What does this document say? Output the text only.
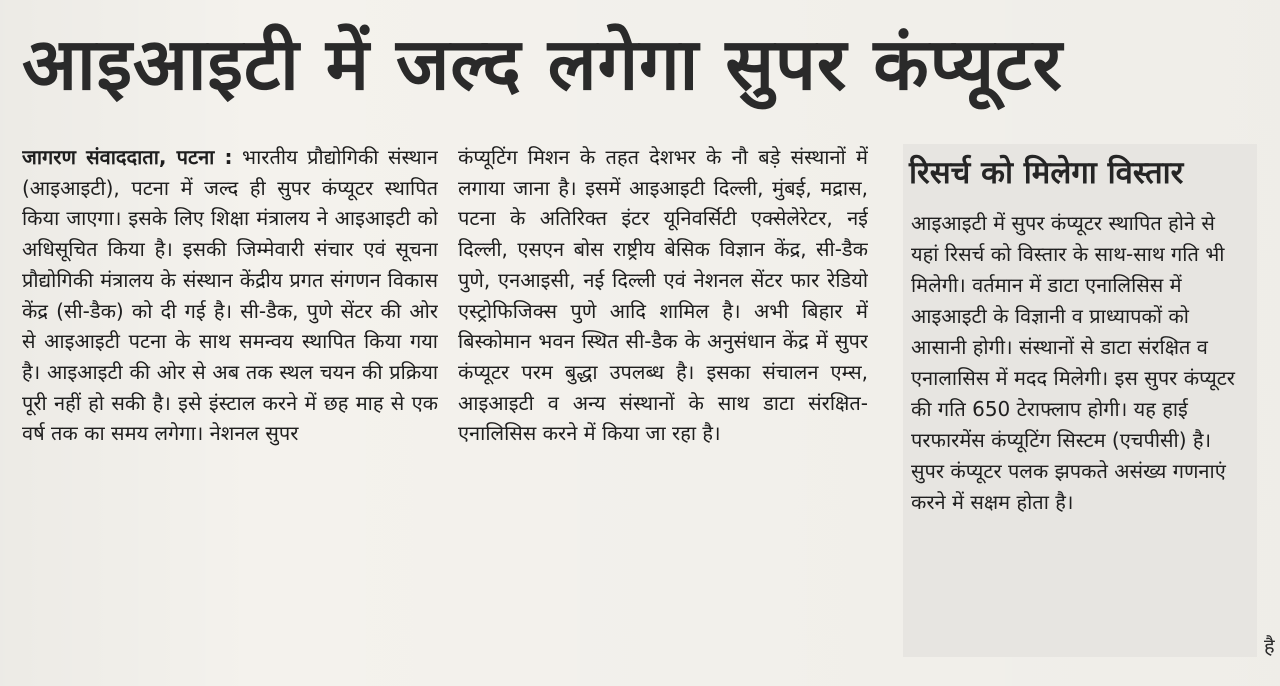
आइआइटी में जल्द लगेगा सुपर कंप्यूटर

जागरण संवाददाता, पटना : भारतीय प्रौद्योगिकी संस्थान (आइआइटी), पटना में जल्द ही सुपर कंप्यूटर स्थापित किया जाएगा। इसके लिए शिक्षा मंत्रालय ने आइआइटी को अधिसूचित किया है। इसकी जिम्मेवारी संचार एवं सूचना प्रौद्योगिकी मंत्रालय के संस्थान केंद्रीय प्रगत संगणन विकास केंद्र (सी-डैक) को दी गई है। सी-डैक, पुणे सेंटर की ओर से आइआइटी पटना के साथ समन्वय स्थापित किया गया है। आइआइटी की ओर से अब तक स्थल चयन की प्रक्रिया पूरी नहीं हो सकी है। इसे इंस्टाल करने में छह माह से एक वर्ष तक का समय लगेगा। नेशनल सुपर

कंप्यूटिंग मिशन के तहत देशभर के नौ बड़े संस्थानों में लगाया जाना है। इसमें आइआइटी दिल्ली, मुंबई, मद्रास, पटना के अतिरिक्त इंटर यूनिवर्सिटी एक्सेलेरेटर, नई दिल्ली, एसएन बोस राष्ट्रीय बेसिक विज्ञान केंद्र, सी-डैक पुणे, एनआइसी, नई दिल्ली एवं नेशनल सेंटर फार रेडियो एस्ट्रोफिजिक्स पुणे आदि शामिल है। अभी बिहार में बिस्कोमान भवन स्थित सी-डैक के अनुसंधान केंद्र में सुपर कंप्यूटर परम बुद्धा उपलब्ध है। इसका संचालन एम्स, आइआइटी व अन्य संस्थानों के साथ डाटा संरक्षित-एनालिसिस करने में किया जा रहा है।

रिसर्च को मिलेगा विस्तार
आइआइटी में सुपर कंप्यूटर स्थापित होने से यहां रिसर्च को विस्तार के साथ-साथ गति भी मिलेगी। वर्तमान में डाटा एनालिसिस में आइआइटी के विज्ञानी व प्राध्यापकों को आसानी होगी। संस्थानों से डाटा संरक्षित व एनालासिस में मदद मिलेगी। इस सुपर कंप्यूटर की गति 650 टेराफ्लाप होगी। यह हाई परफारमेंस कंप्यूटिंग सिस्टम (एचपीसी) है। सुपर कंप्यूटर पलक झपकते असंख्य गणनाएं करने में सक्षम होता है।
है
